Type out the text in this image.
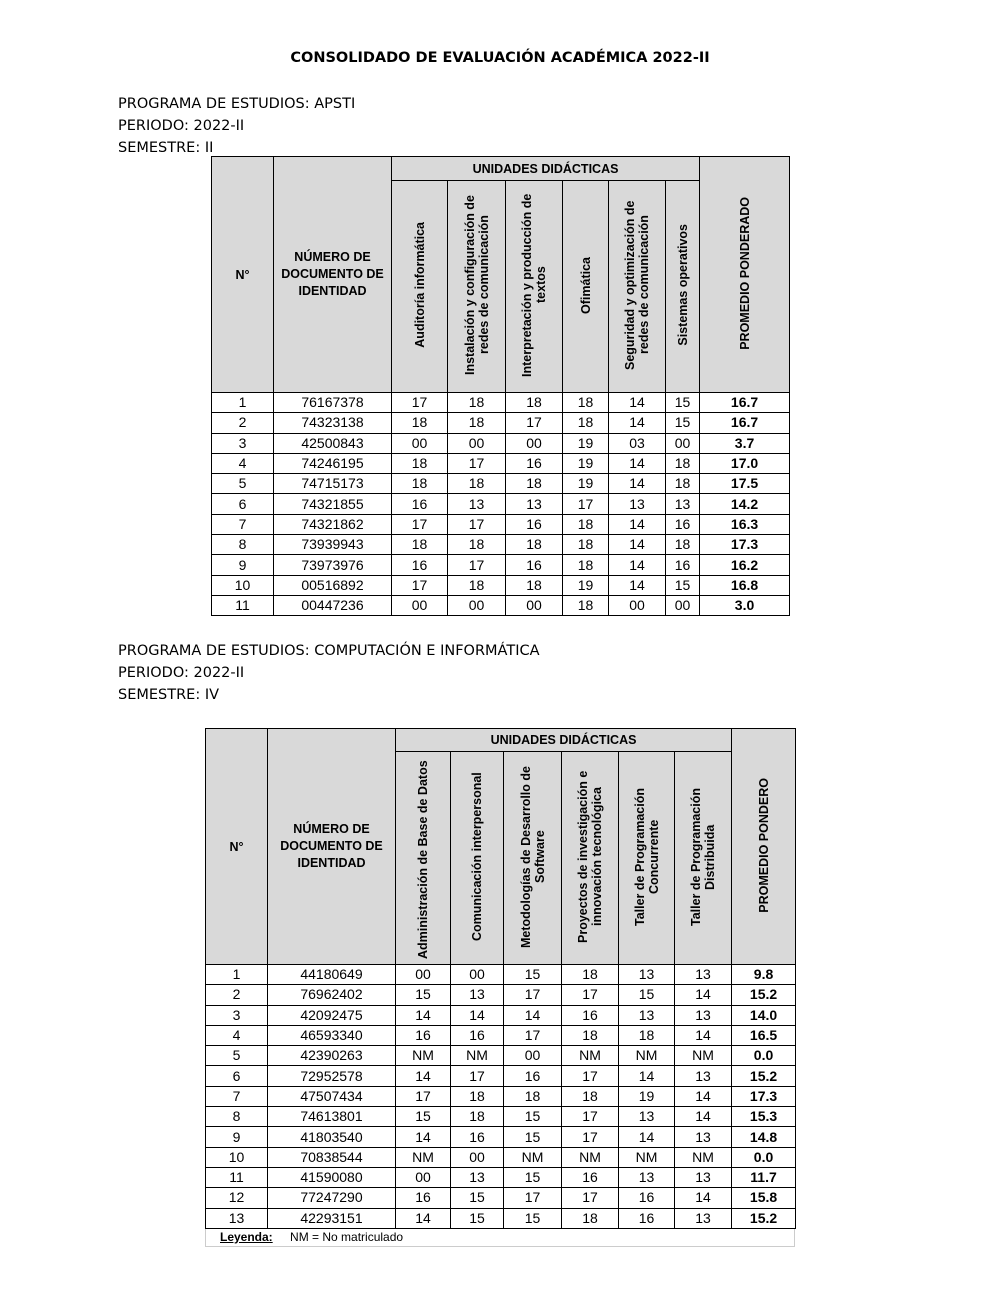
CONSOLIDADO DE EVALUACIÓN ACADÉMICA 2022-II
PROGRAMA DE ESTUDIOS: APSTI
PERIODO: 2022-II
SEMESTRE: II
N°	NÚMERO DE DOCUMENTO DE IDENTIDAD	UNIDADES DIDÁCTICAS						PROMEDIO PONDERADO
		Auditoría informática	Instalación y configuración de redes de comunicación	Interpretación y producción de textos	Ofimática	Seguridad y optimización de redes de comunicación	Sistemas operativos	
1	76167378	17	18	18	18	14	15	16.7
2	74323138	18	18	17	18	14	15	16.7
3	42500843	00	00	00	19	03	00	3.7
4	74246195	18	17	16	19	14	18	17.0
5	74715173	18	18	18	19	14	18	17.5
6	74321855	16	13	13	17	13	13	14.2
7	74321862	17	17	16	18	14	16	16.3
8	73939943	18	18	18	18	14	18	17.3
9	73973976	16	17	16	18	14	16	16.2
10	00516892	17	18	18	19	14	15	16.8
11	00447236	00	00	00	18	00	00	3.0
PROGRAMA DE ESTUDIOS: COMPUTACIÓN E INFORMÁTICA
PERIODO: 2022-II
SEMESTRE: IV
N°	NÚMERO DE DOCUMENTO DE IDENTIDAD	UNIDADES DIDÁCTICAS						PROMEDIO PONDERO
		Administración de Base de Datos	Comunicación interpersonal	Metodologías de Desarrollo de Software	Proyectos de investigación e innovación tecnológica	Taller de Programación Concurrente	Taller de Programación Distribuida	
1	44180649	00	00	15	18	13	13	9.8
2	76962402	15	13	17	17	15	14	15.2
3	42092475	14	14	14	16	13	13	14.0
4	46593340	16	16	17	18	18	14	16.5
5	42390263	NM	NM	00	NM	NM	NM	0.0
6	72952578	14	17	16	17	14	13	15.2
7	47507434	17	18	18	18	19	14	17.3
8	74613801	15	18	15	17	13	14	15.3
9	41803540	14	16	15	17	14	13	14.8
10	70838544	NM	00	NM	NM	NM	NM	0.0
11	41590080	00	13	15	16	13	13	11.7
12	77247290	16	15	17	17	16	14	15.8
13	42293151	14	15	15	18	16	13	15.2
Leyenda: NM = No matriculado
